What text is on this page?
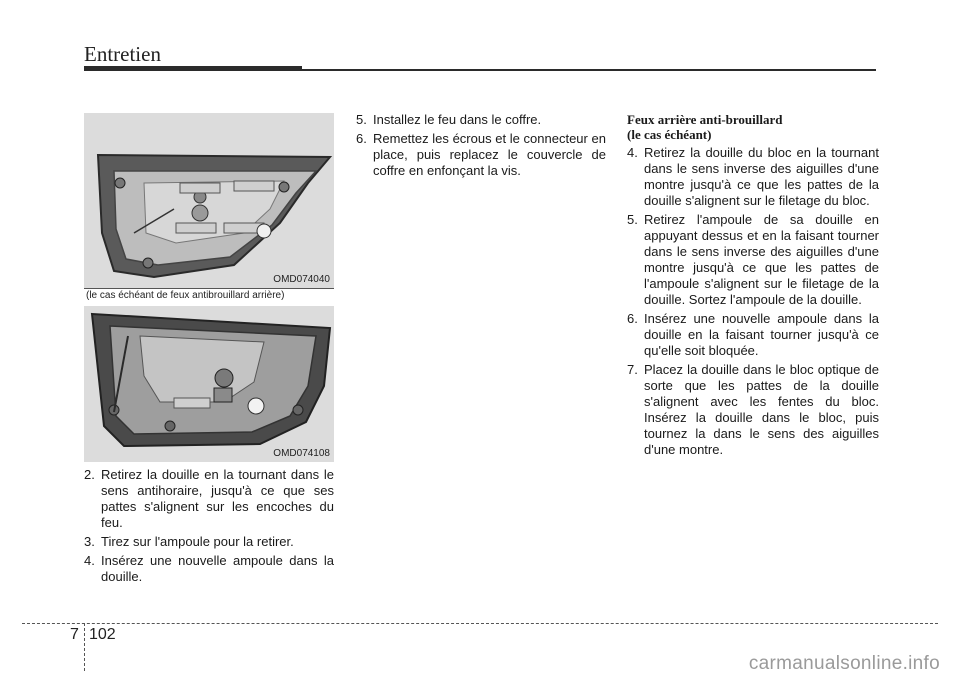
Entretien
OMD074040
(le cas échéant de feux antibrouillard arrière)
OMD074108
2. Retirez la douille en la tournant dans le sens antihoraire, jusqu'à ce que ses pattes s'alignent sur les encoches du feu.
3. Tirez sur l'ampoule pour la retirer.
4. Insérez une nouvelle ampoule dans la douille.
5. Installez le feu dans le coffre.
6. Remettez les écrous et le connecteur en place, puis replacez le couvercle de coffre en enfonçant la vis.
Feux arrière anti-brouillard
(le cas échéant)
4. Retirez la douille du bloc en la tournant dans le sens inverse des aiguilles d'une montre jusqu'à ce que les pattes de la douille s'alignent sur le filetage du bloc.
5. Retirez l'ampoule de sa douille en appuyant dessus et en la faisant tourner dans le sens inverse des aiguilles d'une montre jusqu'à ce que les pattes de l'ampoule s'alignent sur le filetage de la douille. Sortez l'ampoule de la douille.
6. Insérez une nouvelle ampoule dans la douille en la faisant tourner jusqu'à ce qu'elle soit bloquée.
7. Placez la douille dans le bloc optique de sorte que les pattes de la douille s'alignent avec les fentes du bloc. Insérez la douille dans le bloc, puis tournez la dans le sens des aiguilles d'une montre.
7 102
carmanualsonline.info
